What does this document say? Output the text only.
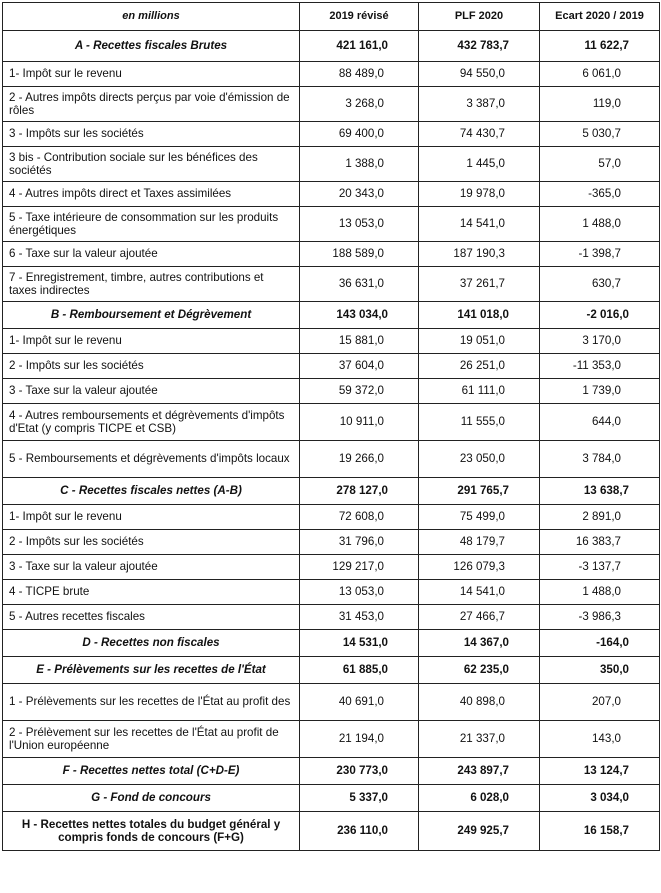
en millions	2019 révisé	PLF 2020	Ecart 2020 / 2019
A - Recettes fiscales Brutes	421 161,0	432 783,7	11 622,7
1- Impôt sur le revenu	88 489,0	94 550,0	6 061,0
2 - Autres impôts directs perçus par voie d'émission de rôles	3 268,0	3 387,0	119,0
3 - Impôts sur les sociétés	69 400,0	74 430,7	5 030,7
3 bis - Contribution sociale sur les bénéfices des sociétés	1 388,0	1 445,0	57,0
4 - Autres impôts direct et Taxes assimilées	20 343,0	19 978,0	-365,0
5 - Taxe intérieure de consommation sur les produits énergétiques	13 053,0	14 541,0	1 488,0
6 - Taxe sur la valeur ajoutée	188 589,0	187 190,3	-1 398,7
7 - Enregistrement, timbre, autres contributions et taxes indirectes	36 631,0	37 261,7	630,7
B - Remboursement et Dégrèvement	143 034,0	141 018,0	-2 016,0
1- Impôt sur le revenu	15 881,0	19 051,0	3 170,0
2 - Impôts sur les sociétés	37 604,0	26 251,0	-11 353,0
3 - Taxe sur la valeur ajoutée	59 372,0	61 111,0	1 739,0
4 - Autres remboursements et dégrèvements d'impôts d'Etat (y compris TICPE et CSB)	10 911,0	11 555,0	644,0
5 - Remboursements et dégrèvements d'impôts locaux	19 266,0	23 050,0	3 784,0
C - Recettes fiscales nettes (A-B)	278 127,0	291 765,7	13 638,7
1- Impôt sur le revenu	72 608,0	75 499,0	2 891,0
2 - Impôts sur les sociétés	31 796,0	48 179,7	16 383,7
3 - Taxe sur la valeur ajoutée	129 217,0	126 079,3	-3 137,7
4 - TICPE brute	13 053,0	14 541,0	1 488,0
5 - Autres recettes fiscales	31 453,0	27 466,7	-3 986,3
D - Recettes non fiscales	14 531,0	14 367,0	-164,0
E - Prélèvements sur les recettes de l'État	61 885,0	62 235,0	350,0
1 - Prélèvements sur les recettes de l'État au profit des	40 691,0	40 898,0	207,0
2 - Prélèvement sur les recettes de l'État au profit de l'Union européenne	21 194,0	21 337,0	143,0
F - Recettes nettes total (C+D-E)	230 773,0	243 897,7	13 124,7
G - Fond de concours	5 337,0	6 028,0	3 034,0
H - Recettes nettes totales du budget général y compris fonds de concours (F+G)	236 110,0	249 925,7	16 158,7
